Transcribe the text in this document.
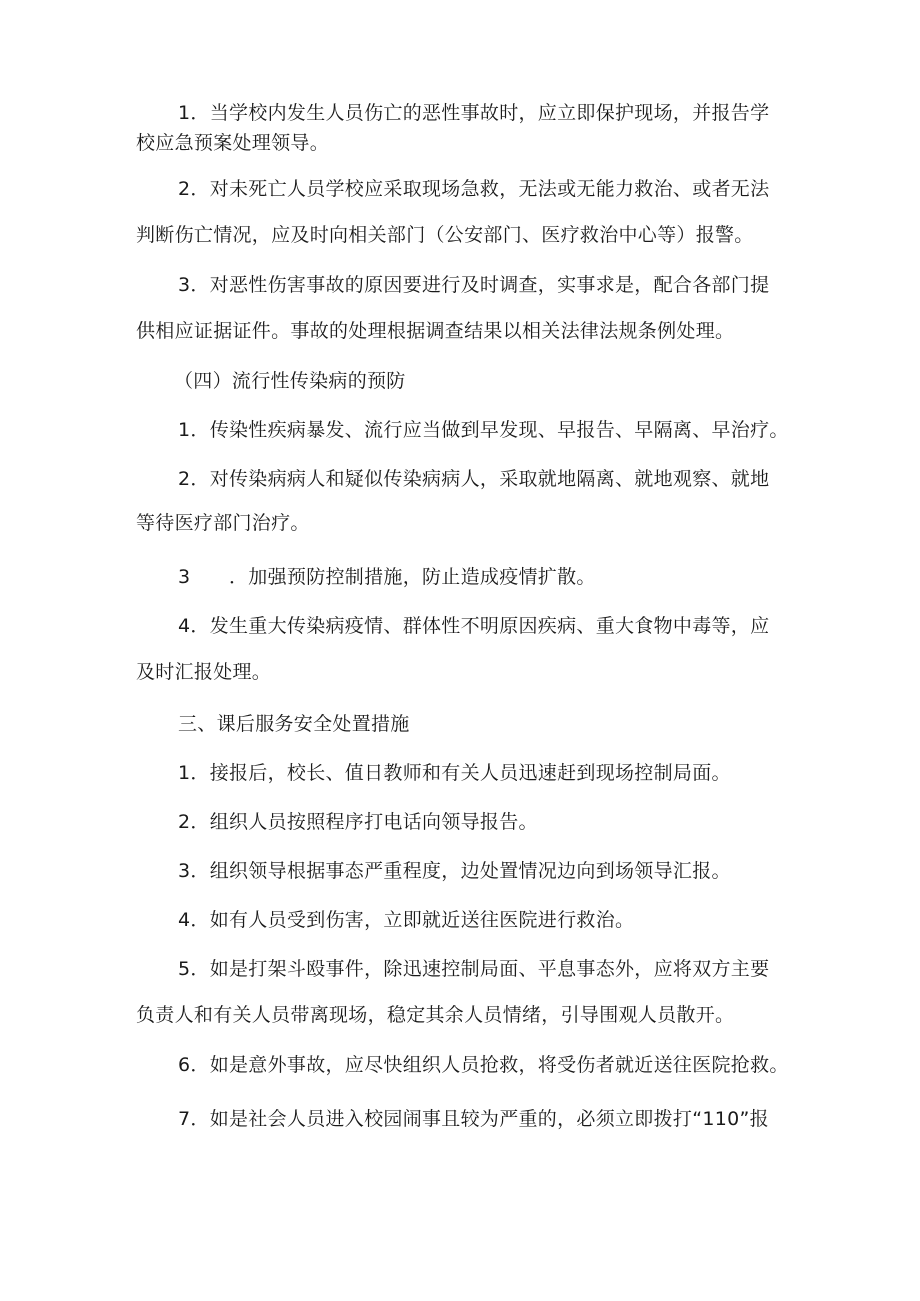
1．当学校内发生人员伤亡的恶性事故时，应立即保护现场，并报告学
校应急预案处理领导。
2．对未死亡人员学校应采取现场急救，无法或无能力救治、或者无法
判断伤亡情况，应及时向相关部门（公安部门、医疗救治中心等）报警。
3．对恶性伤害事故的原因要进行及时调查，实事求是，配合各部门提
供相应证据证件。事故的处理根据调查结果以相关法律法规条例处理。
（四）流行性传染病的预防
1．传染性疾病暴发、流行应当做到早发现、早报告、早隔离、早治疗。
2．对传染病病人和疑似传染病病人，采取就地隔离、就地观察、就地
等待医疗部门治疗。
3　　．加强预防控制措施，防止造成疫情扩散。
4．发生重大传染病疫情、群体性不明原因疾病、重大食物中毒等，应
及时汇报处理。
三、课后服务安全处置措施
1．接报后，校长、值日教师和有关人员迅速赶到现场控制局面。
2．组织人员按照程序打电话向领导报告。
3．组织领导根据事态严重程度，边处置情况边向到场领导汇报。
4．如有人员受到伤害，立即就近送往医院进行救治。
5．如是打架斗殴事件，除迅速控制局面、平息事态外，应将双方主要
负责人和有关人员带离现场，稳定其余人员情绪，引导围观人员散开。
6．如是意外事故，应尽快组织人员抢救，将受伤者就近送往医院抢救。
7．如是社会人员进入校园闹事且较为严重的，必须立即拨打“110”报
